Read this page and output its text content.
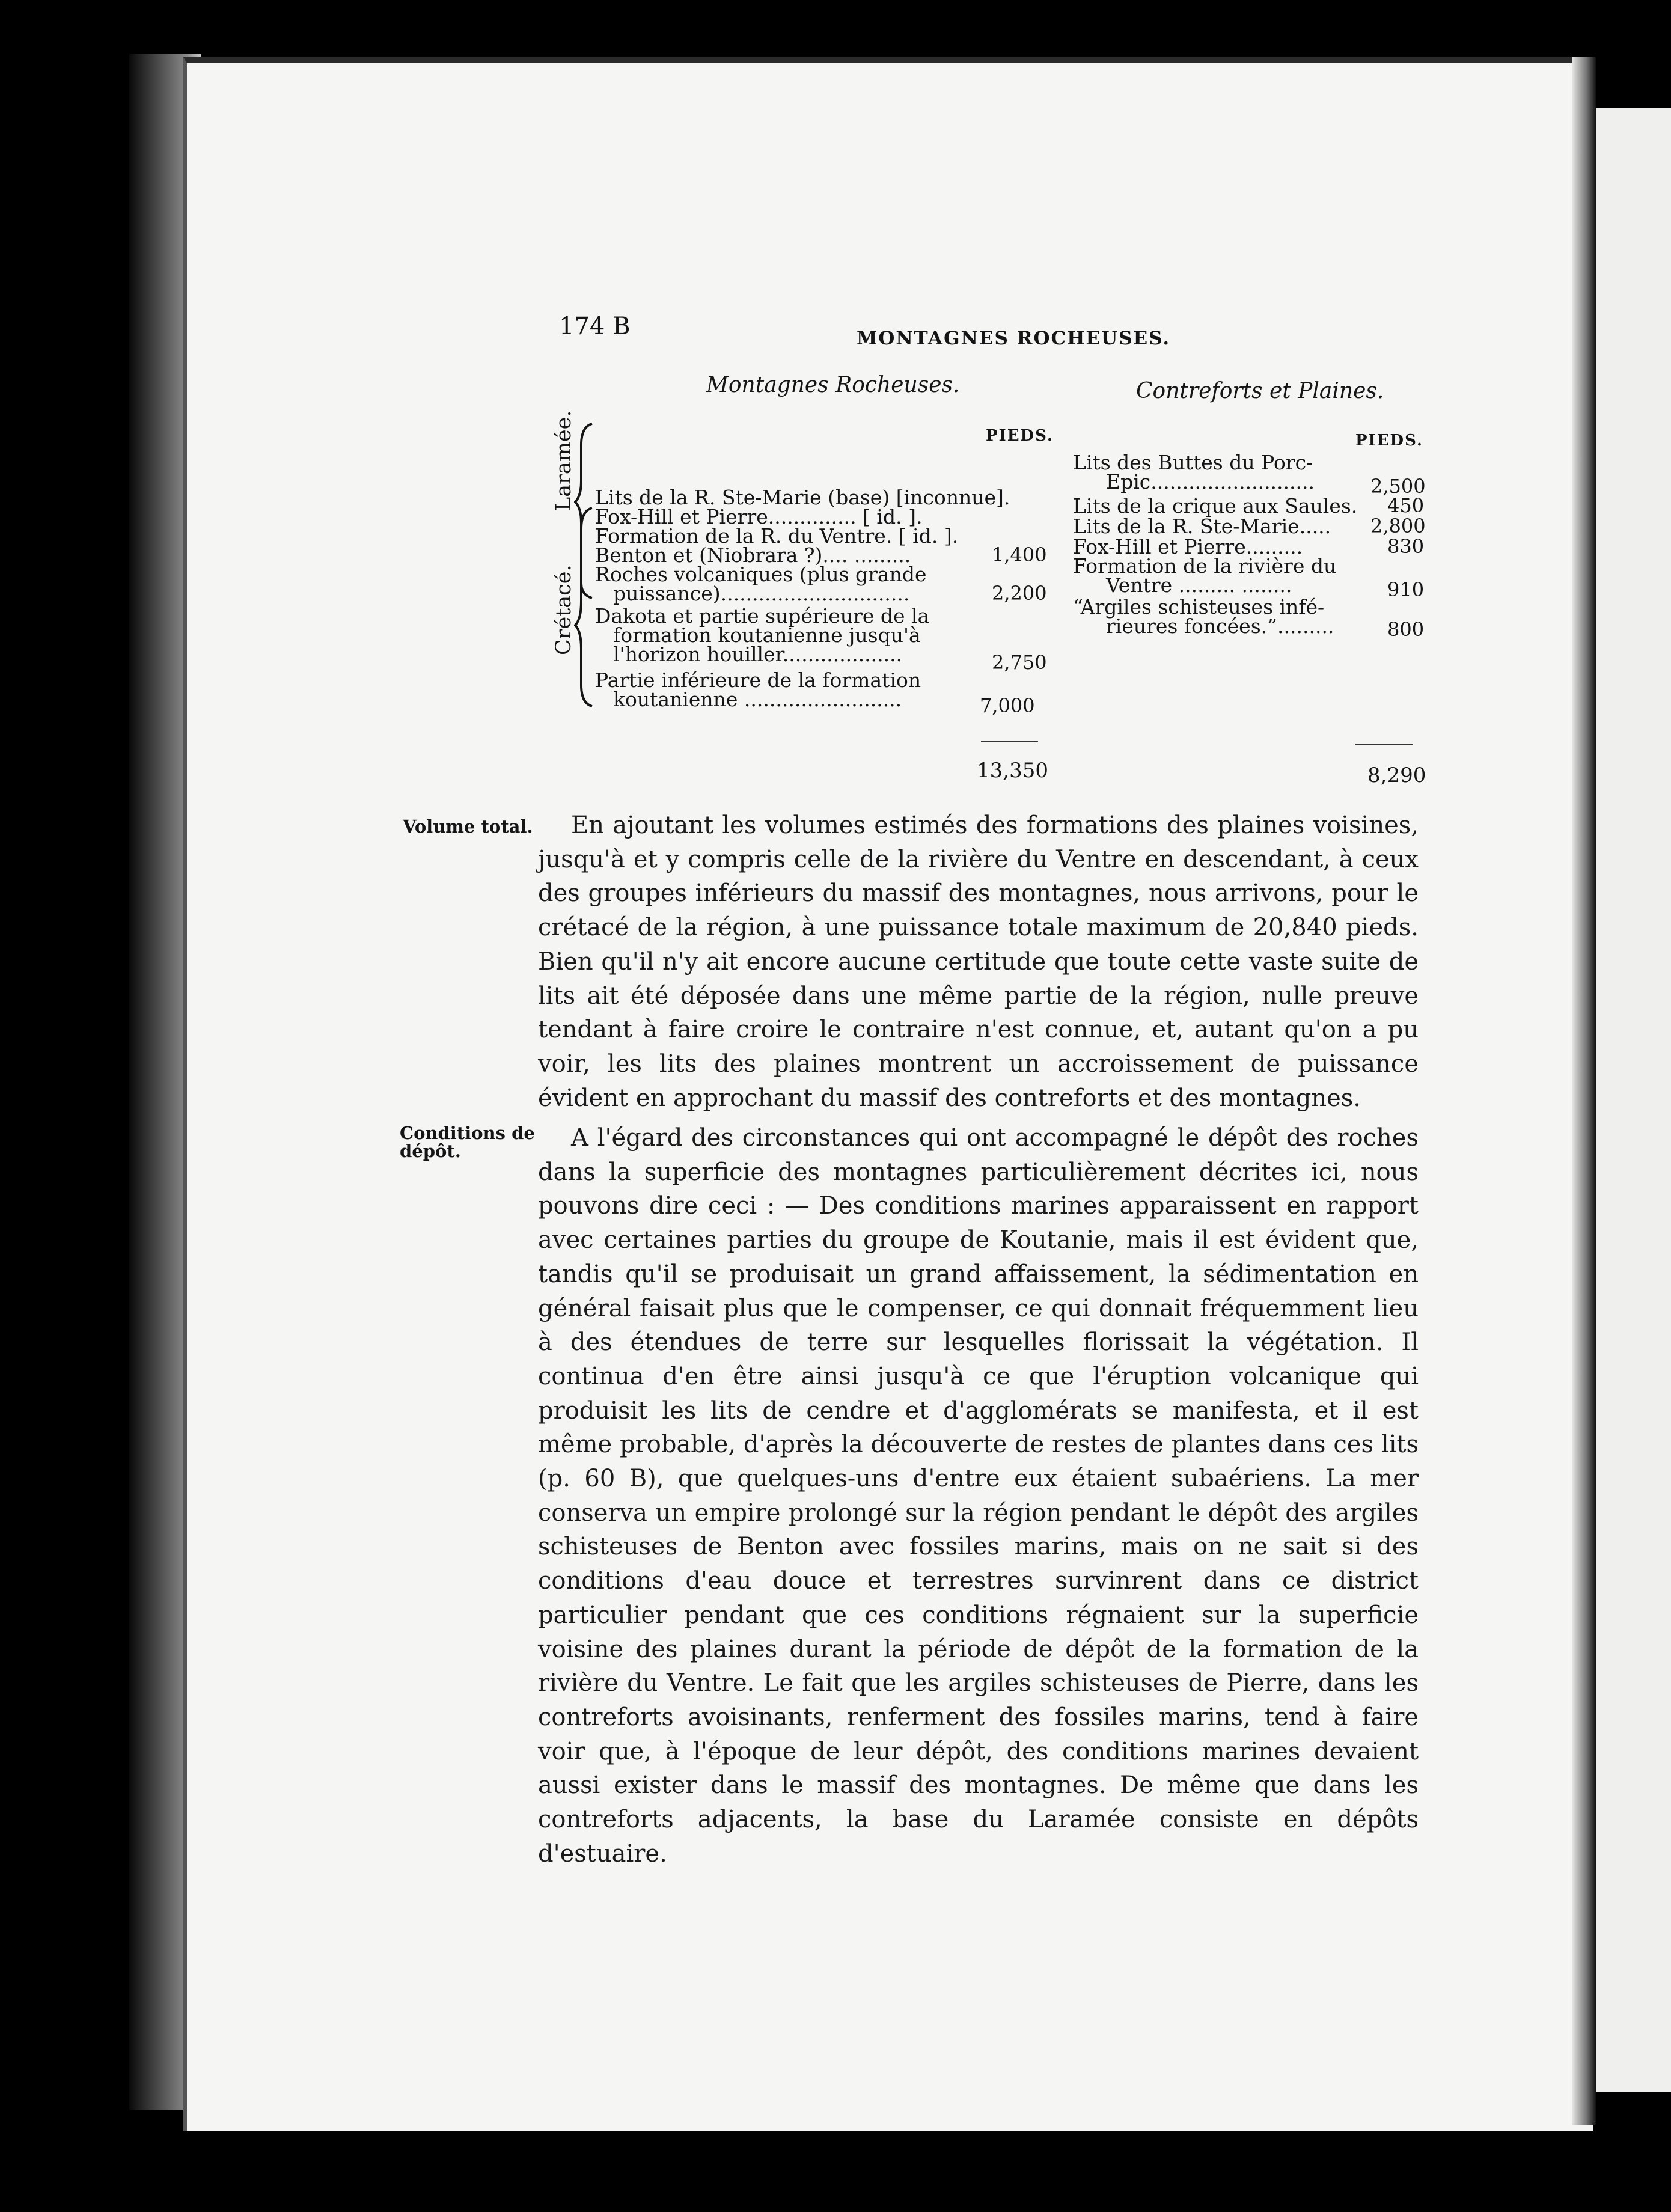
174 B	MONTAGNES ROCHEUSES.
Montagnes Rocheuses.	Contreforts et Plaines.
PIEDS.	PIEDS.
Laramée.
Crétacé.
Lits de la R. Ste-Marie (base) [inconnue].
Fox-Hill et Pierre.............. [ id. ].
Formation de la R. du Ventre. [ id. ].
Benton et (Niobrara ?).... .........	1,400
Roches volcaniques (plus grande
puissance)..............................	2,200
Dakota et partie supérieure de la
formation koutanienne jusqu'à
l'horizon houiller...................	2,750
Partie inférieure de la formation
koutanienne .........................	7,000
13,350
Lits des Buttes du Porc-
Epic..........................	2,500
Lits de la crique aux Saules. 450
Lits de la R. Ste-Marie..... 2,800
Fox-Hill et Pierre.........	830
Formation de la rivière du
Ventre ......... ........	910
“Argiles schisteuses infé-
rieures foncées.”.........	800
8,290
Volume total.
Conditions de
dépôt.

En ajoutant les volumes estimés des formations des plaines voisines, jusqu'à et y compris celle de la rivière du Ventre en descendant, à ceux des groupes inférieurs du massif des montagnes, nous arrivons, pour le crétacé de la région, à une puissance totale maximum de 20,840 pieds. Bien qu'il n'y ait encore aucune certitude que toute cette vaste suite de lits ait été déposée dans une même partie de la région, nulle preuve tendant à faire croire le contraire n'est connue, et, autant qu'on a pu voir, les lits des plaines montrent un accroissement de puissance évident en approchant du massif des contreforts et des montagnes.

A l'égard des circonstances qui ont accompagné le dépôt des roches dans la superficie des montagnes particulièrement décrites ici, nous pouvons dire ceci : — Des conditions marines apparaissent en rapport avec certaines parties du groupe de Koutanie, mais il est évident que, tandis qu'il se produisait un grand affaissement, la sédimentation en général faisait plus que le compenser, ce qui donnait fréquemment lieu à des étendues de terre sur lesquelles florissait la végétation. Il continua d'en être ainsi jusqu'à ce que l'éruption volcanique qui produisit les lits de cendre et d'agglomérats se manifesta, et il est même probable, d'après la découverte de restes de plantes dans ces lits (p. 60 B), que quelques-uns d'entre eux étaient subaériens. La mer conserva un empire prolongé sur la région pendant le dépôt des argiles schisteuses de Benton avec fossiles marins, mais on ne sait si des conditions d'eau douce et terrestres survinrent dans ce district particulier pendant que ces conditions régnaient sur la superficie voisine des plaines durant la période de dépôt de la formation de la rivière du Ventre. Le fait que les argiles schisteuses de Pierre, dans les contreforts avoisinants, renferment des fossiles marins, tend à faire voir que, à l'époque de leur dépôt, des conditions marines devaient aussi exister dans le massif des montagnes. De même que dans les contreforts adjacents, la base du Laramée consiste en dépôts d'estuaire.
